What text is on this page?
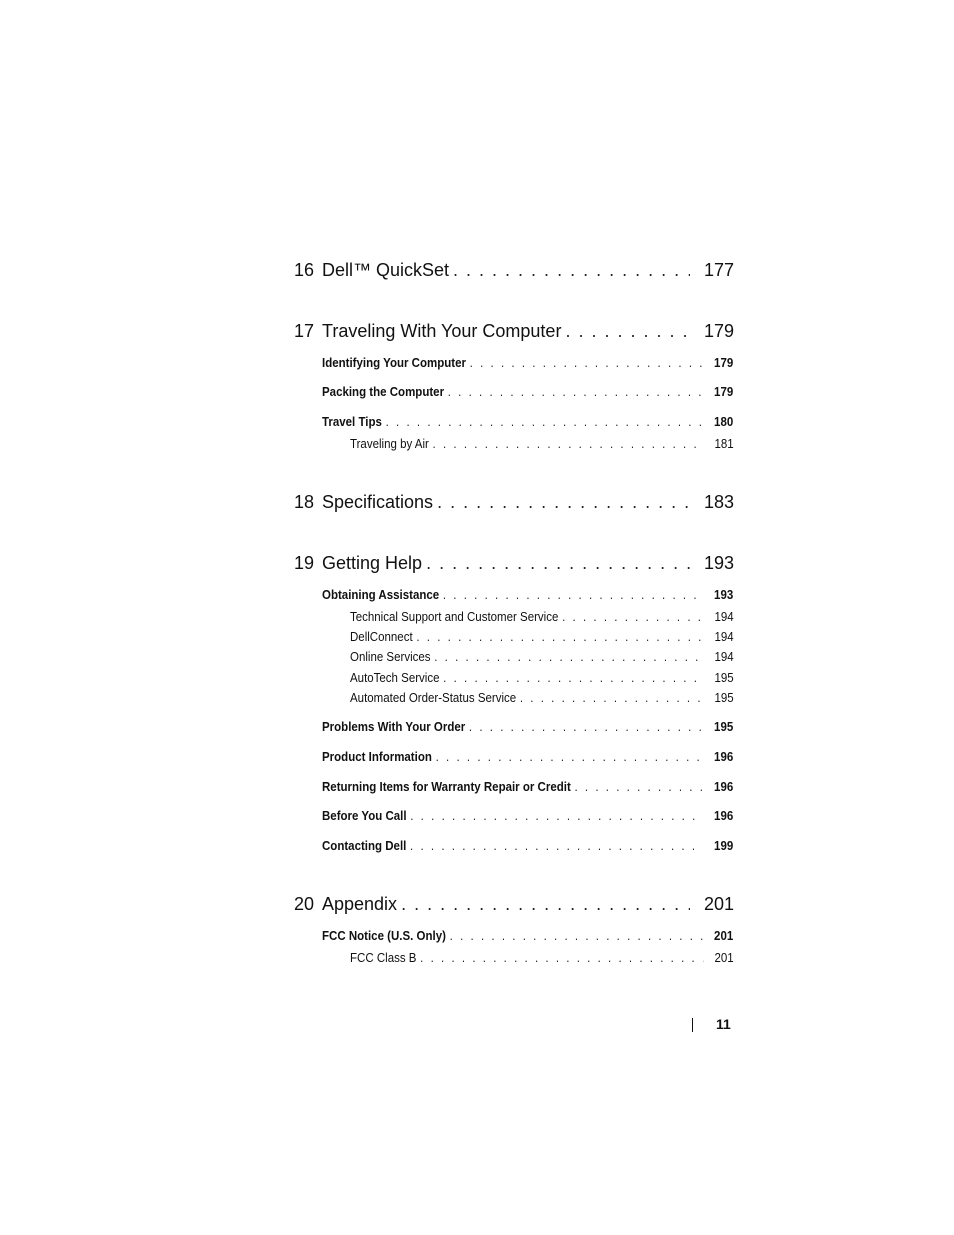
16 Dell™ QuickSet . . .	177
17 Traveling With Your Computer . . .	179
Identifying Your Computer . . .	179
Packing the Computer . . .	179
Travel Tips . . .	180
Traveling by Air . . .	181
18 Specifications . . .	183
19 Getting Help . . .	193
Obtaining Assistance . . .	193
Technical Support and Customer Service . . .	194
DellConnect . . .	194
Online Services . . .	194
AutoTech Service . . .	195
Automated Order-Status Service . . .	195
Problems With Your Order . . .	195
Product Information . . .	196
Returning Items for Warranty Repair or Credit . . .	196
Before You Call . . .	196
Contacting Dell . . .	199
20 Appendix . . .	201
FCC Notice (U.S. Only) . . .	201
FCC Class B . . .	201
11
